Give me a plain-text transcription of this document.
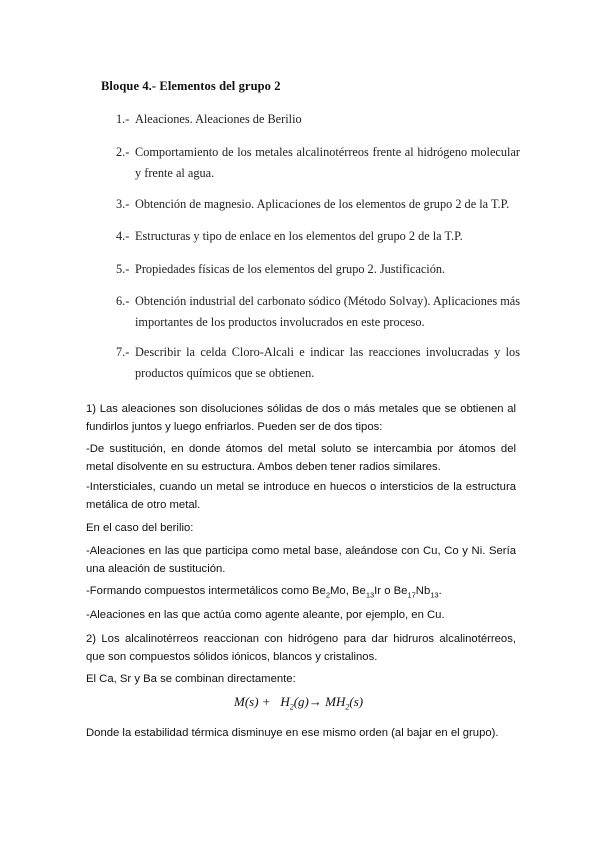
Bloque 4.- Elementos del grupo 2
1.- Aleaciones. Aleaciones de Berilio
2.- Comportamiento de los metales alcalinotérreos frente al hidrógeno molecular y frente al agua.
3.- Obtención de magnesio. Aplicaciones de los elementos de grupo 2 de la T.P.
4.- Estructuras y tipo de enlace en los elementos del grupo 2 de la T.P.
5.- Propiedades físicas de los elementos del grupo 2. Justificación.
6.- Obtención industrial del carbonato sódico (Método Solvay). Aplicaciones más importantes de los productos involucrados en este proceso.
7.- Describir la celda Cloro-Alcali e indicar las reacciones involucradas y los productos químicos que se obtienen.
1) Las aleaciones son disoluciones sólidas de dos o más metales que se obtienen al fundirlos juntos y luego enfriarlos. Pueden ser de dos tipos:
-De sustitución, en donde átomos del metal soluto se intercambia por átomos del metal disolvente en su estructura. Ambos deben tener radios similares.
-Intersticiales, cuando un metal se introduce en huecos o intersticios de la estructura metálica de otro metal.
En el caso del berilio:
-Aleaciones en las que participa como metal base, aleándose con Cu, Co y Ni. Sería una aleación de sustitución.
-Formando compuestos intermetálicos como $Be_2Mo$, $Be_{13}Ir$ o $Be_{17}Nb_{13}$.
-Aleaciones en las que actúa como agente aleante, por ejemplo, en Cu.
2) Los alcalinotérreos reaccionan con hidrógeno para dar hidruros alcalinotérreos, que son compuestos sólidos iónicos, blancos y cristalinos.
El Ca, Sr y Ba se combinan directamente:
$M(s) + H_2(g)\to MH_2(s)$
Donde la estabilidad térmica disminuye en ese mismo orden (al bajar en el grupo).
